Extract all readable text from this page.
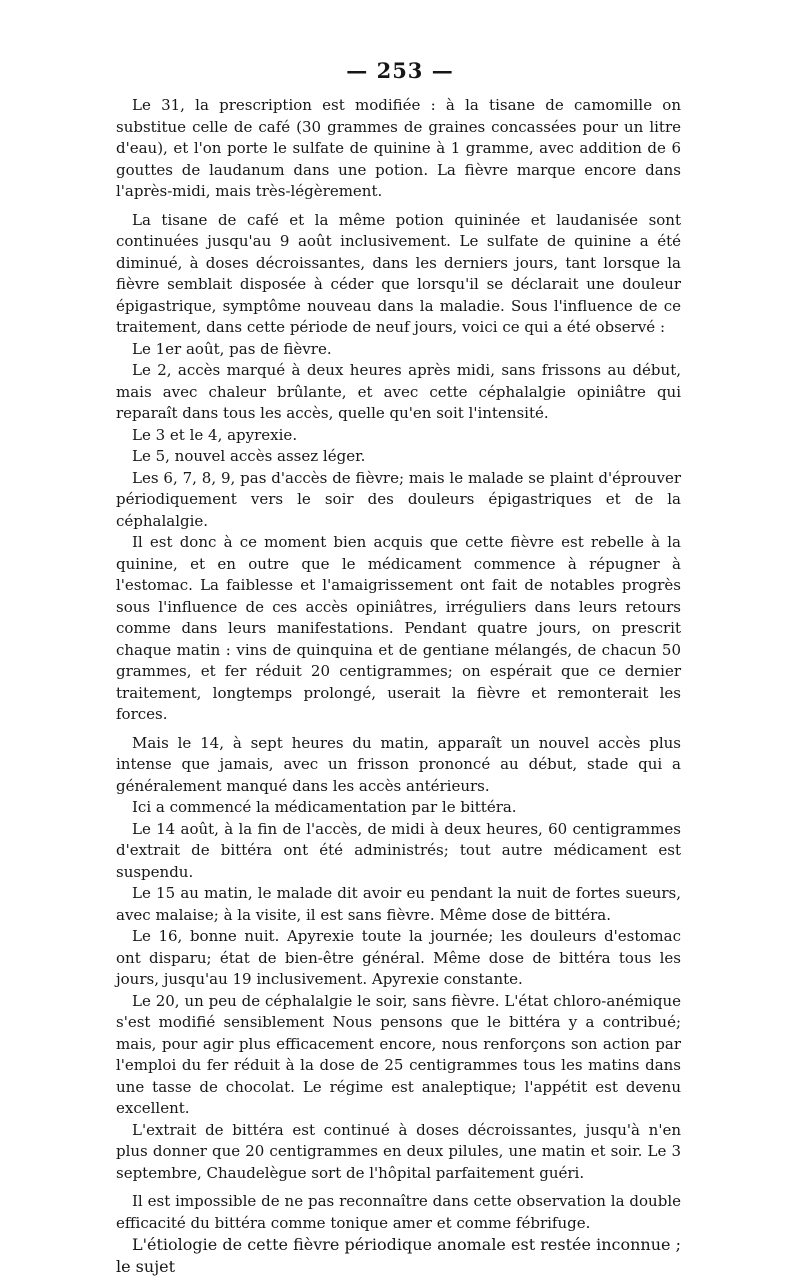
— 253 —

Le 31, la prescription est modifiée : à la tisane de camomille on substitue celle de café (30 grammes de graines concassées pour un litre d'eau), et l'on porte le sulfate de quinine à 1 gramme, avec addition de 6 gouttes de laudanum dans une potion. La fièvre marque encore dans l'après-midi, mais très-légèrement.

La tisane de café et la même potion quininée et laudanisée sont continuées jusqu'au 9 août inclusivement. Le sulfate de quinine a été diminué, à doses décroissantes, dans les derniers jours, tant lorsque la fièvre semblait disposée à céder que lorsqu'il se déclarait une douleur épigastrique, symptôme nouveau dans la maladie. Sous l'influence de ce traitement, dans cette période de neuf jours, voici ce qui a été observé :

Le 1er août, pas de fièvre.

Le 2, accès marqué à deux heures après midi, sans frissons au début, mais avec chaleur brûlante, et avec cette céphalalgie opiniâtre qui reparaît dans tous les accès, quelle qu'en soit l'intensité.

Le 3 et le 4, apyrexie.

Le 5, nouvel accès assez léger.

Les 6, 7, 8, 9, pas d'accès de fièvre; mais le malade se plaint d'éprouver périodiquement vers le soir des douleurs épigastriques et de la céphalalgie.

Il est donc à ce moment bien acquis que cette fièvre est rebelle à la quinine, et en outre que le médicament commence à répugner à l'estomac. La faiblesse et l'amaigrissement ont fait de notables progrès sous l'influence de ces accès opiniâtres, irréguliers dans leurs retours comme dans leurs manifestations. Pendant quatre jours, on prescrit chaque matin : vins de quinquina et de gentiane mélangés, de chacun 50 grammes, et fer réduit 20 centigrammes; on espérait que ce dernier traitement, longtemps prolongé, userait la fièvre et remonterait les forces.

Mais le 14, à sept heures du matin, apparaît un nouvel accès plus intense que jamais, avec un frisson prononcé au début, stade qui a généralement manqué dans les accès antérieurs.

Ici a commencé la médicamentation par le bittéra.

Le 14 août, à la fin de l'accès, de midi à deux heures, 60 centigrammes d'extrait de bittéra ont été administrés; tout autre médicament est suspendu.

Le 15 au matin, le malade dit avoir eu pendant la nuit de fortes sueurs, avec malaise; à la visite, il est sans fièvre. Même dose de bittéra.

Le 16, bonne nuit. Apyrexie toute la journée; les douleurs d'estomac ont disparu; état de bien-être général. Même dose de bittéra tous les jours, jusqu'au 19 inclusivement. Apyrexie constante.

Le 20, un peu de céphalalgie le soir, sans fièvre. L'état chloro-anémique s'est modifié sensiblement Nous pensons que le bittéra y a contribué; mais, pour agir plus efficacement encore, nous renforçons son action par l'emploi du fer réduit à la dose de 25 centigrammes tous les matins dans une tasse de chocolat. Le régime est analeptique; l'appétit est devenu excellent.

L'extrait de bittéra est continué à doses décroissantes, jusqu'à n'en plus donner que 20 centigrammes en deux pilules, une matin et soir. Le 3 septembre, Chaudelègue sort de l'hôpital parfaitement guéri.

Il est impossible de ne pas reconnaître dans cette observation la double efficacité du bittéra comme tonique amer et comme fébrifuge.

L'étiologie de cette fièvre périodique anomale est restée inconnue ; le sujet
